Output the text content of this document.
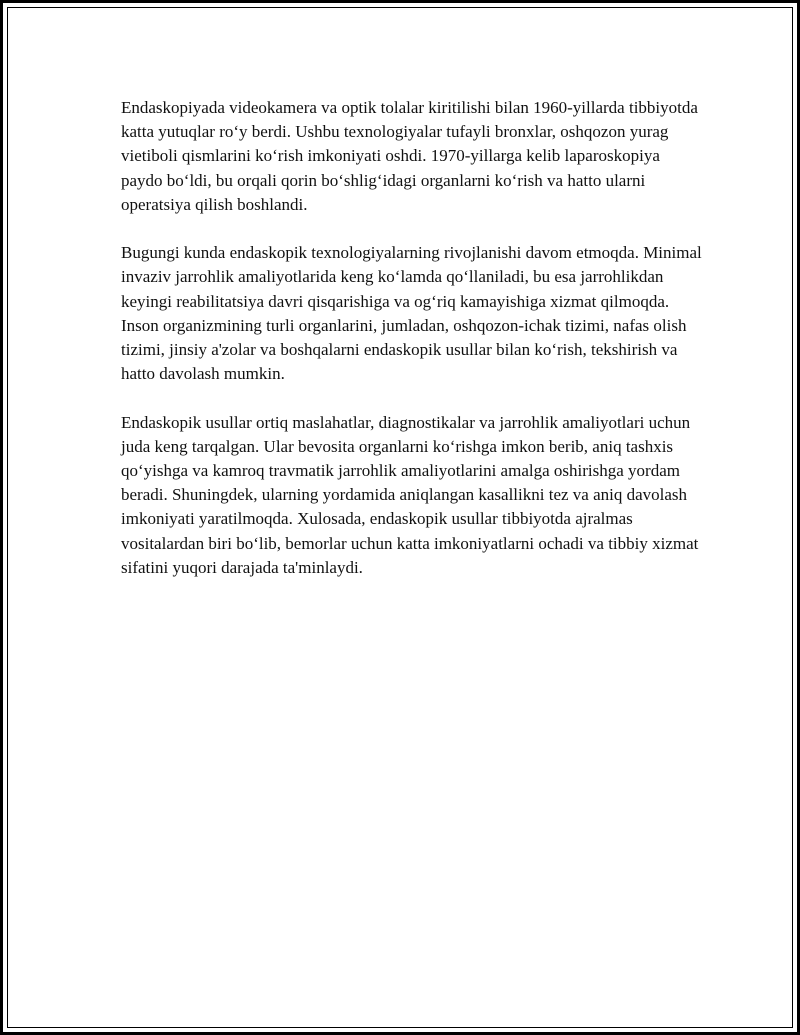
Endaskopiyada videokamera va optik tolalar kiritilishi bilan 1960-yillarda tibbiyotda katta yutuqlar roʻy berdi. Ushbu texnologiyalar tufayli bronxlar, oshqozon yurag vietiboli qismlarini koʻrish imkoniyati oshdi. 1970-yillarga kelib laparoskopiya paydo boʻldi, bu orqali qorin boʻshligʻidagi organlarni koʻrish va hatto ularni operatsiya qilish boshlandi.

Bugungi kunda endaskopik texnologiyalarning rivojlanishi davom etmoqda. Minimal invaziv jarrohlik amaliyotlarida keng koʻlamda qoʻllaniladi, bu esa jarrohlikdan keyingi reabilitatsiya davri qisqarishiga va ogʻriq kamayishiga xizmat qilmoqda. Inson organizmining turli organlarini, jumladan, oshqozon-ichak tizimi, nafas olish tizimi, jinsiy a'zolar va boshqalarni endaskopik usullar bilan koʻrish, tekshirish va hatto davolash mumkin.

Endaskopik usullar ortiq maslahatlar, diagnostikalar va jarrohlik amaliyotlari uchun juda keng tarqalgan. Ular bevosita organlarni koʻrishga imkon berib, aniq tashxis qoʻyishga va kamroq travmatik jarrohlik amaliyotlarini amalga oshirishga yordam beradi. Shuningdek, ularning yordamida aniqlangan kasallikni tez va aniq davolash imkoniyati yaratilmoqda. Xulosada, endaskopik usullar tibbiyotda ajralmas vositalardan biri boʻlib, bemorlar uchun katta imkoniyatlarni ochadi va tibbiy xizmat sifatini yuqori darajada ta'minlaydi.
